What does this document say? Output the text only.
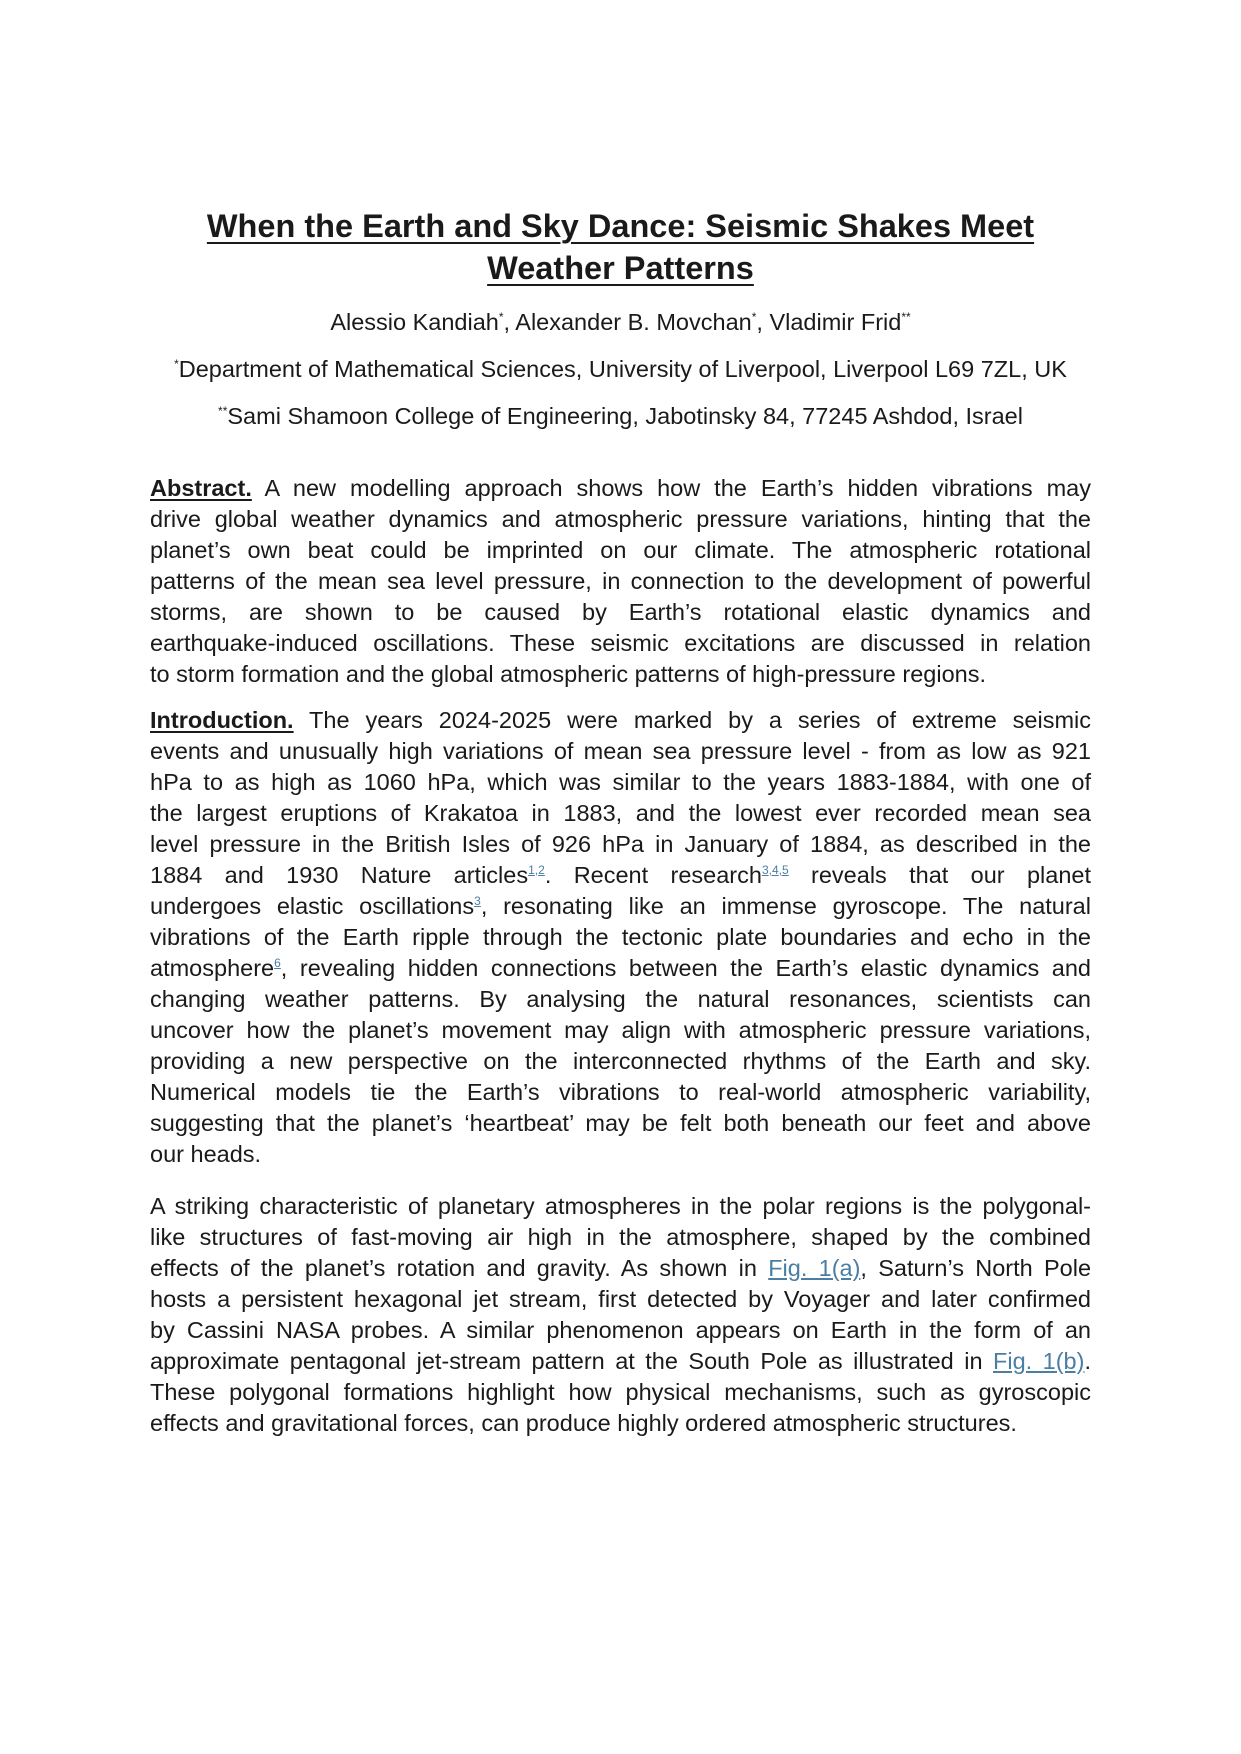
When the Earth and Sky Dance: Seismic Shakes Meet
Weather Patterns

Alessio Kandiah*, Alexander B. Movchan*, Vladimir Frid**

*Department of Mathematical Sciences, University of Liverpool, Liverpool L69 7ZL, UK

**Sami Shamoon College of Engineering, Jabotinsky 84, 77245 Ashdod, Israel

Abstract. A new modelling approach shows how the Earth’s hidden vibrations may
drive global weather dynamics and atmospheric pressure variations, hinting that the
planet’s own beat could be imprinted on our climate. The atmospheric rotational
patterns of the mean sea level pressure, in connection to the development of powerful
storms, are shown to be caused by Earth’s rotational elastic dynamics and
earthquake-induced oscillations. These seismic excitations are discussed in relation
to storm formation and the global atmospheric patterns of high-pressure regions.
Introduction. The years 2024-2025 were marked by a series of extreme seismic
events and unusually high variations of mean sea pressure level - from as low as 921
hPa to as high as 1060 hPa, which was similar to the years 1883-1884, with one of
the largest eruptions of Krakatoa in 1883, and the lowest ever recorded mean sea
level pressure in the British Isles of 926 hPa in January of 1884, as described in the
1884 and 1930 Nature articles$^{1,2}$. Recent research$^{3,4,5}$ reveals that our planet
undergoes elastic oscillations$^3$, resonating like an immense gyroscope. The natural
vibrations of the Earth ripple through the tectonic plate boundaries and echo in the
atmosphere$^6$, revealing hidden connections between the Earth’s elastic dynamics and
changing weather patterns. By analysing the natural resonances, scientists can
uncover how the planet’s movement may align with atmospheric pressure variations,
providing a new perspective on the interconnected rhythms of the Earth and sky.
Numerical models tie the Earth’s vibrations to real-world atmospheric variability,
suggesting that the planet’s ‘heartbeat’ may be felt both beneath our feet and above
our heads.
A striking characteristic of planetary atmospheres in the polar regions is the polygonal-
like structures of fast-moving air high in the atmosphere, shaped by the combined
effects of the planet’s rotation and gravity. As shown in Fig. 1(a), Saturn’s North Pole
hosts a persistent hexagonal jet stream, first detected by Voyager and later confirmed
by Cassini NASA probes. A similar phenomenon appears on Earth in the form of an
approximate pentagonal jet-stream pattern at the South Pole as illustrated in Fig. 1(b).
These polygonal formations highlight how physical mechanisms, such as gyroscopic
effects and gravitational forces, can produce highly ordered atmospheric structures.
